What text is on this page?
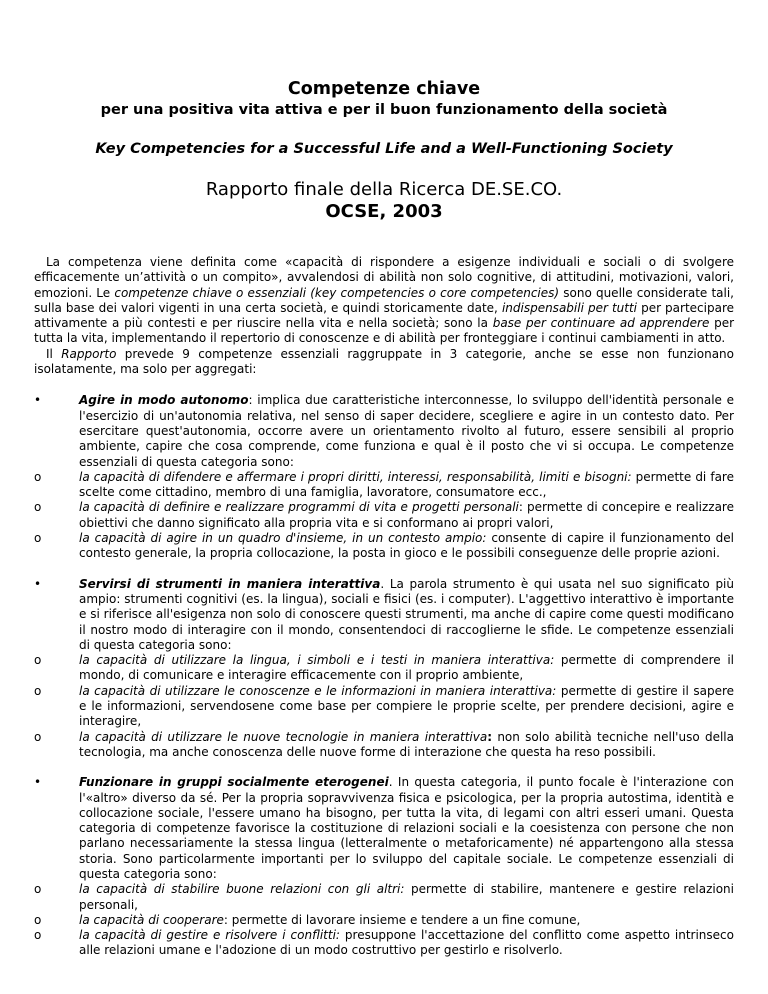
Competenze chiave
per una positiva vita attiva e per il buon funzionamento della società
Key Competencies for a Successful Life and a Well-Functioning Society
Rapporto finale della Ricerca DE.SE.CO.
OCSE, 2003
La competenza viene definita come «capacità di rispondere a esigenze individuali e sociali o di svolgere efficacemente un’attività o un compito», avvalendosi di abilità non solo cognitive, di attitudini, motivazioni, valori, emozioni. Le competenze chiave o essenziali (key competencies o core competencies) sono quelle considerate tali, sulla base dei valori vigenti in una certa società, e quindi storicamente date, indispensabili per tutti per partecipare attivamente a più contesti e per riuscire nella vita e nella società; sono la base per continuare ad apprendere per tutta la vita, implementando il repertorio di conoscenze e di abilità per fronteggiare i continui cambiamenti in atto.
Il Rapporto prevede 9 competenze essenziali raggruppate in 3 categorie, anche se esse non funzionano isolatamente, ma solo per aggregati:
•	Agire in modo autonomo: implica due caratteristiche interconnesse, lo sviluppo dell'identità personale e l'esercizio di un'autonomia relativa, nel senso di saper decidere, scegliere e agire in un contesto dato. Per esercitare quest'autonomia, occorre avere un orientamento rivolto al futuro, essere sensibili al proprio ambiente, capire che cosa comprende, come funziona e qual è il posto che vi si occupa. Le competenze essenziali di questa categoria sono:
o	la capacità di difendere e affermare i propri diritti, interessi, responsabilità, limiti e bisogni: permette di fare scelte come cittadino, membro di una famiglia, lavoratore, consumatore ecc.,
o	la capacità di definire e realizzare programmi di vita e progetti personali: permette di concepire e realizzare obiettivi che danno significato alla propria vita e si conformano ai propri valori,
o	la capacità di agire in un quadro d'insieme, in un contesto ampio: consente di capire il funzionamento del contesto generale, la propria collocazione, la posta in gioco e le possibili conseguenze delle proprie azioni.
•	Servirsi di strumenti in maniera interattiva. La parola strumento è qui usata nel suo significato più ampio: strumenti cognitivi (es. la lingua), sociali e fisici (es. i computer). L'aggettivo interattivo è importante e si riferisce all'esigenza non solo di conoscere questi strumenti, ma anche di capire come questi modificano il nostro modo di interagire con il mondo, consentendoci di raccoglierne le sfide. Le competenze essenziali di questa categoria sono:
o	la capacità di utilizzare la lingua, i simboli e i testi in maniera interattiva: permette di comprendere il mondo, di comunicare e interagire efficacemente con il proprio ambiente,
o	la capacità di utilizzare le conoscenze e le informazioni in maniera interattiva: permette di gestire il sapere e le informazioni, servendosene come base per compiere le proprie scelte, per prendere decisioni, agire e interagire,
o	la capacità di utilizzare le nuove tecnologie in maniera interattiva: non solo abilità tecniche nell'uso della tecnologia, ma anche conoscenza delle nuove forme di interazione che questa ha reso possibili.
•	Funzionare in gruppi socialmente eterogenei. In questa categoria, il punto focale è l'interazione con l'«altro» diverso da sé. Per la propria sopravvivenza fisica e psicologica, per la propria autostima, identità e collocazione sociale, l'essere umano ha bisogno, per tutta la vita, di legami con altri esseri umani. Questa categoria di competenze favorisce la costituzione di relazioni sociali e la coesistenza con persone che non parlano necessariamente la stessa lingua (letteralmente o metaforicamente) né appartengono alla stessa storia. Sono particolarmente importanti per lo sviluppo del capitale sociale. Le competenze essenziali di questa categoria sono:
o	la capacità di stabilire buone relazioni con gli altri: permette di stabilire, mantenere e gestire relazioni personali,
o	la capacità di cooperare: permette di lavorare insieme e tendere a un fine comune,
o	la capacità di gestire e risolvere i conflitti: presuppone l'accettazione del conflitto come aspetto intrinseco alle relazioni umane e l'adozione di un modo costruttivo per gestirlo e risolverlo.
